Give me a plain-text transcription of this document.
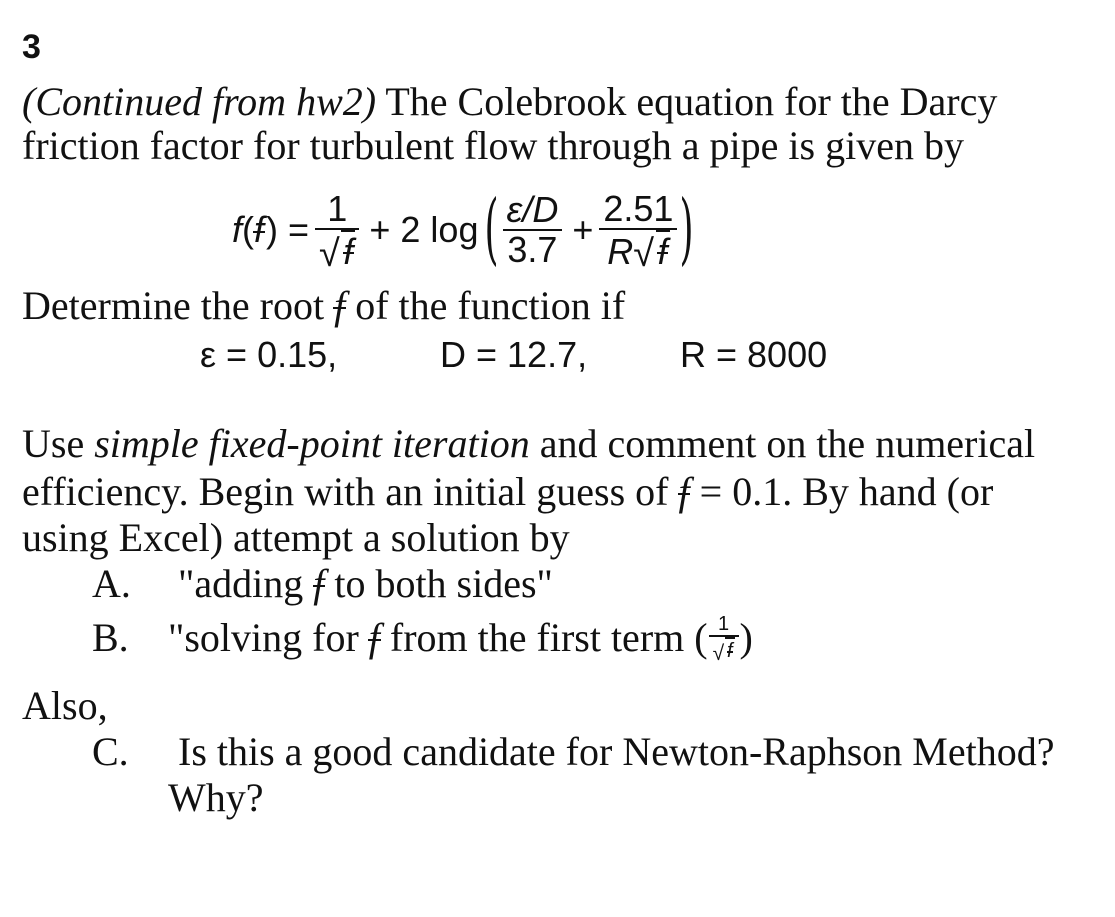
3
(Continued from hw2) The Colebrook equation for the Darcy
friction factor for turbulent flow through a pipe is given by
f ( f ) = $\frac{1}{√ f} + 2$ log ( $\frac{\varepsilon/D}{3.7} + \frac{2.51}{R √ f}$ )
Determine the root f of the function if
ε = 0.15,	D = 12.7,	R = 8000
Use simple fixed-point iteration and comment on the numerical
efficiency. Begin with an initial guess of f = 0.1. By hand (or
using Excel) attempt a solution by
A. "adding f to both sides"
B. "solving for f from the first term ( $\frac{1}{√ f}$ )
Also,
C. Is this a good candidate for Newton-Raphson Method?
Why?
